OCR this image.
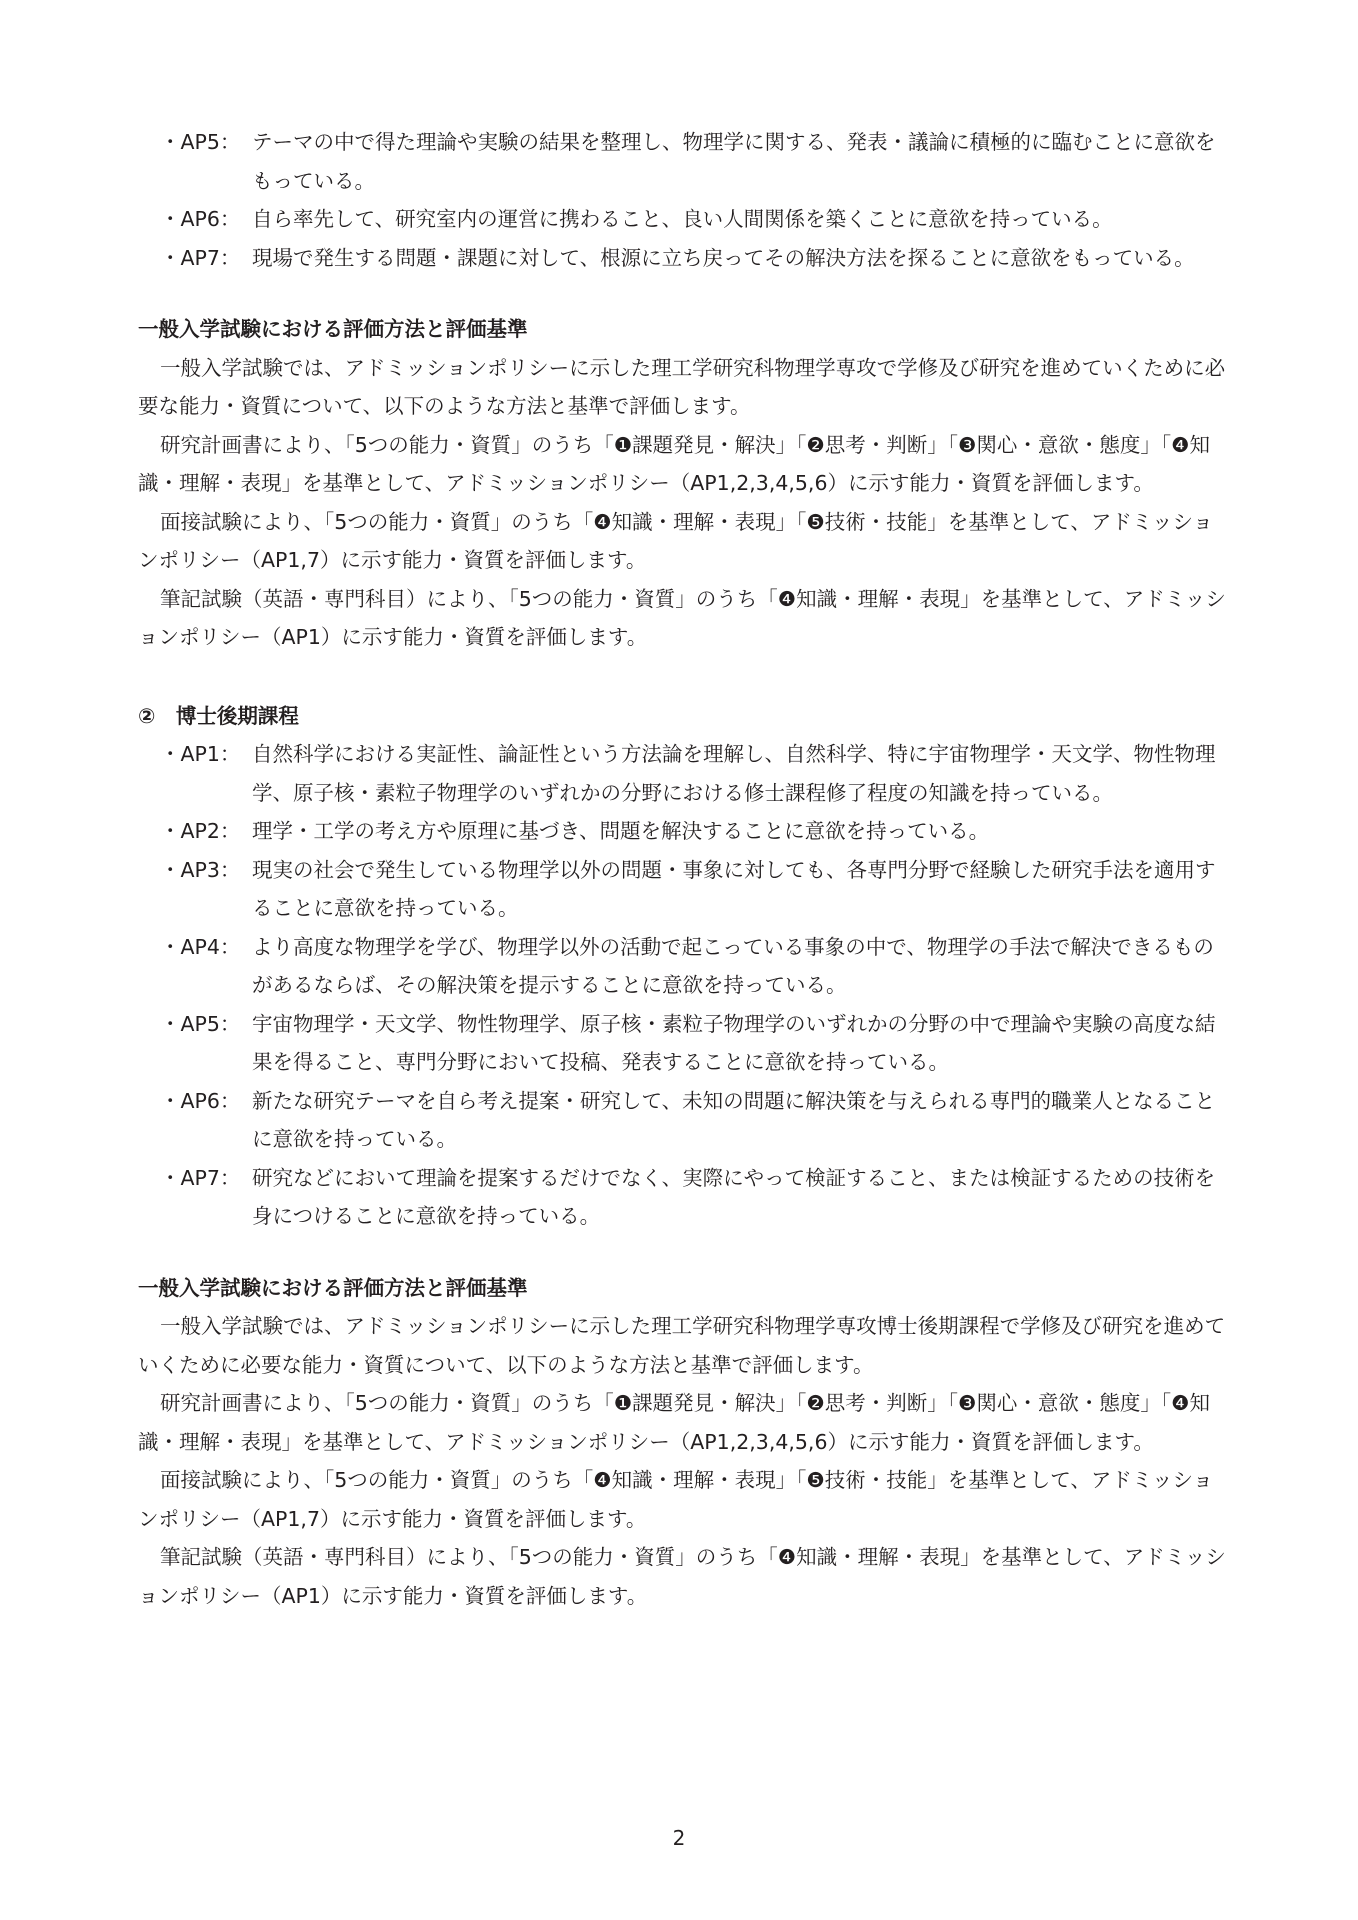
・AP5： テーマの中で得た理論や実験の結果を整理し、物理学に関する、発表・議論に積極的に臨むことに意欲をもっている。
・AP6： 自ら率先して、研究室内の運営に携わること、良い人間関係を築くことに意欲を持っている。
・AP7： 現場で発生する問題・課題に対して、根源に立ち戻ってその解決方法を探ることに意欲をもっている。

一般入学試験における評価方法と評価基準

一般入学試験では、アドミッションポリシーに示した理工学研究科物理学専攻で学修及び研究を進めていくために必要な能力・資質について、以下のような方法と基準で評価します。

研究計画書により、「5つの能力・資質」のうち「❶課題発見・解決」「❷思考・判断」「❸関心・意欲・態度」「❹知識・理解・表現」を基準として、アドミッションポリシー（AP1,2,3,4,5,6）に示す能力・資質を評価します。

面接試験により、「5つの能力・資質」のうち「❹知識・理解・表現」「❺技術・技能」を基準として、アドミッションポリシー（AP1,7）に示す能力・資質を評価します。

筆記試験（英語・専門科目）により、「5つの能力・資質」のうち「❹知識・理解・表現」を基準として、アドミッションポリシー（AP1）に示す能力・資質を評価します。

②　博士後期課程

・AP1： 自然科学における実証性、論証性という方法論を理解し、自然科学、特に宇宙物理学・天文学、物性物理学、原子核・素粒子物理学のいずれかの分野における修士課程修了程度の知識を持っている。
・AP2： 理学・工学の考え方や原理に基づき、問題を解決することに意欲を持っている。
・AP3： 現実の社会で発生している物理学以外の問題・事象に対しても、各専門分野で経験した研究手法を適用することに意欲を持っている。
・AP4： より高度な物理学を学び、物理学以外の活動で起こっている事象の中で、物理学の手法で解決できるものがあるならば、その解決策を提示することに意欲を持っている。
・AP5： 宇宙物理学・天文学、物性物理学、原子核・素粒子物理学のいずれかの分野の中で理論や実験の高度な結果を得ること、専門分野において投稿、発表することに意欲を持っている。
・AP6： 新たな研究テーマを自ら考え提案・研究して、未知の問題に解決策を与えられる専門的職業人となることに意欲を持っている。
・AP7： 研究などにおいて理論を提案するだけでなく、実際にやって検証すること、または検証するための技術を身につけることに意欲を持っている。

一般入学試験における評価方法と評価基準

一般入学試験では、アドミッションポリシーに示した理工学研究科物理学専攻博士後期課程で学修及び研究を進めていくために必要な能力・資質について、以下のような方法と基準で評価します。

研究計画書により、「5つの能力・資質」のうち「❶課題発見・解決」「❷思考・判断」「❸関心・意欲・態度」「❹知識・理解・表現」を基準として、アドミッションポリシー（AP1,2,3,4,5,6）に示す能力・資質を評価します。

面接試験により、「5つの能力・資質」のうち「❹知識・理解・表現」「❺技術・技能」を基準として、アドミッションポリシー（AP1,7）に示す能力・資質を評価します。

筆記試験（英語・専門科目）により、「5つの能力・資質」のうち「❹知識・理解・表現」を基準として、アドミッションポリシー（AP1）に示す能力・資質を評価します。

2
